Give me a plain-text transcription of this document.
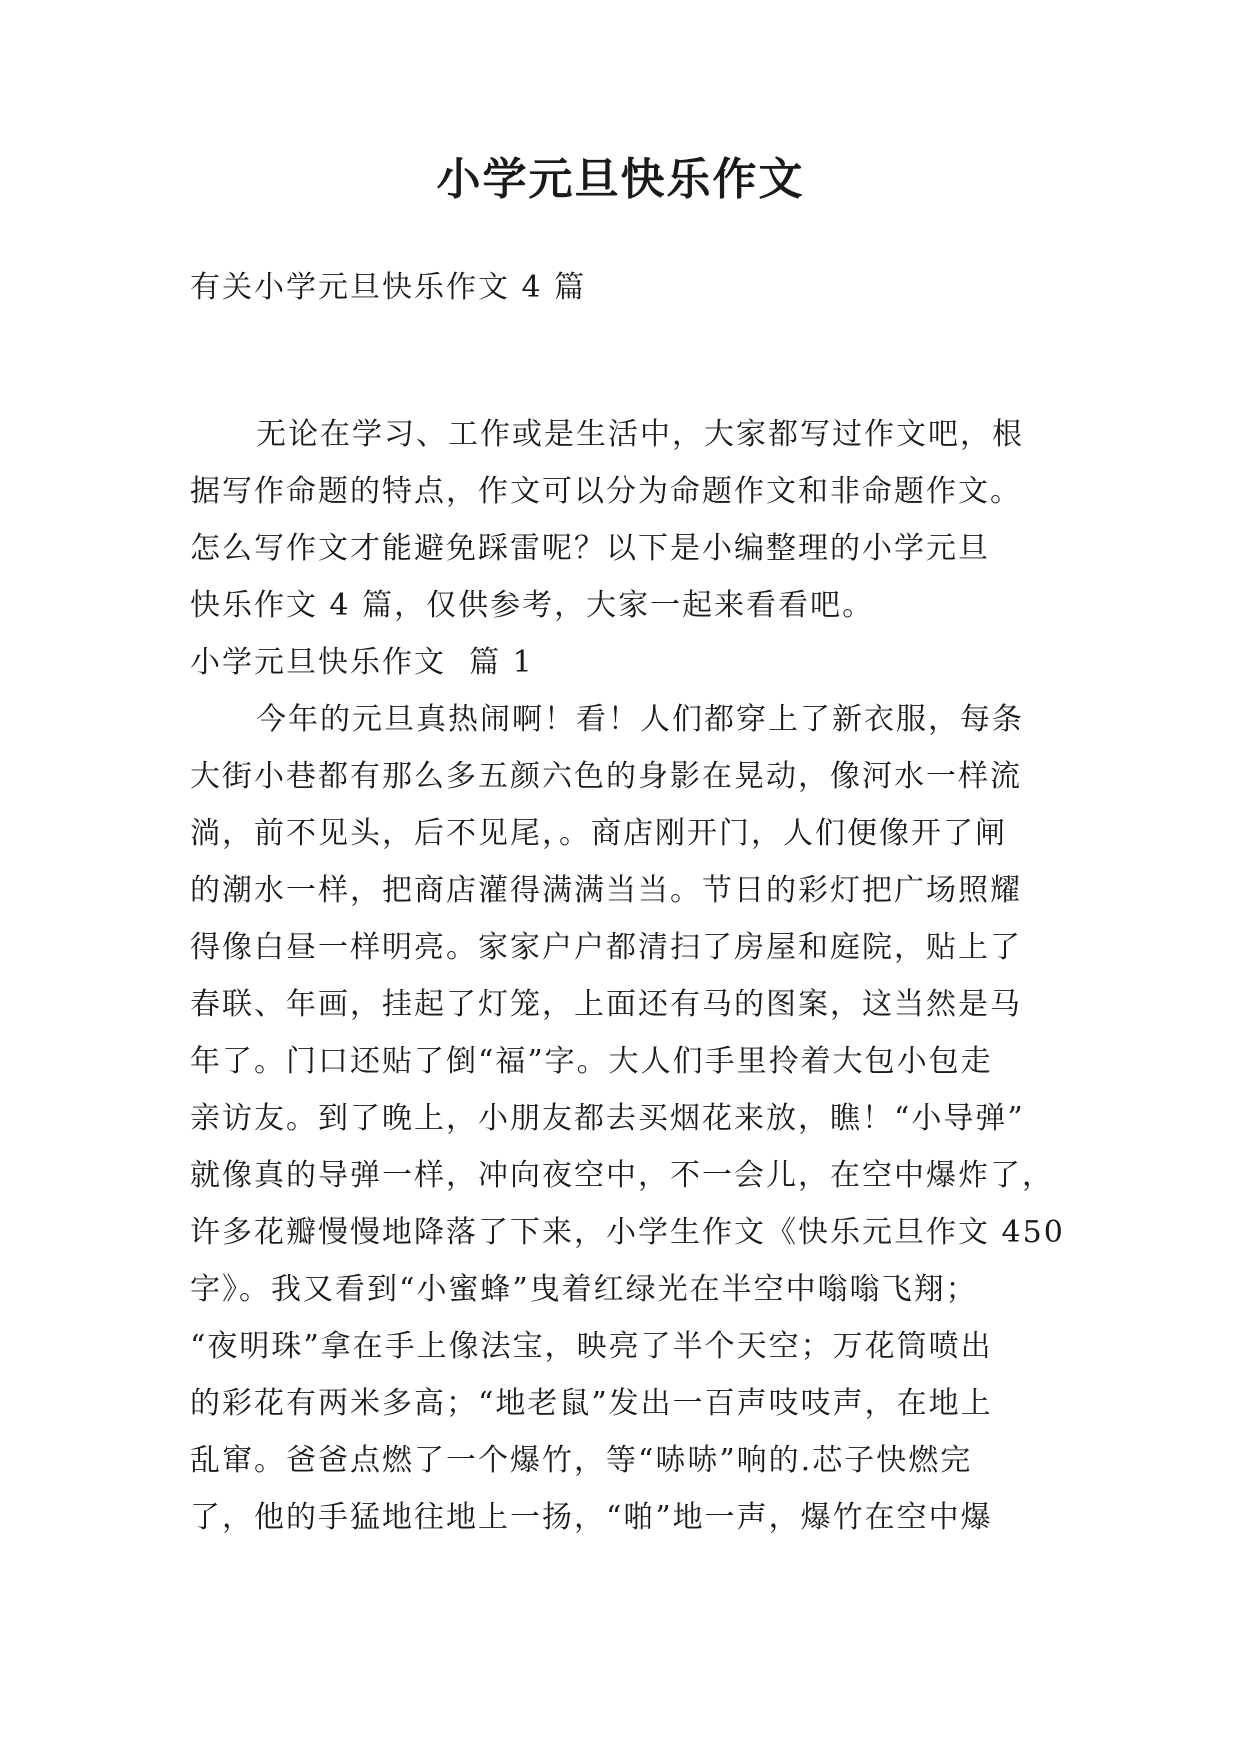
小学元旦快乐作文
有关小学元旦快乐作文 4 篇
无论在学习、工作或是生活中，大家都写过作文吧，根
据写作命题的特点，作文可以分为命题作文和非命题作文。
怎么写作文才能避免踩雷呢？以下是小编整理的小学元旦
快乐作文 4 篇，仅供参考，大家一起来看看吧。
小学元旦快乐作文  篇 1
今年的元旦真热闹啊！看！人们都穿上了新衣服，每条
大街小巷都有那么多五颜六色的身影在晃动，像河水一样流
淌，前不见头，后不见尾，。商店刚开门，人们便像开了闸
的潮水一样，把商店灌得满满当当。节日的彩灯把广场照耀
得像白昼一样明亮。家家户户都清扫了房屋和庭院，贴上了
春联、年画，挂起了灯笼，上面还有马的图案，这当然是马
年了。门口还贴了倒“福”字。大人们手里拎着大包小包走
亲访友。到了晚上，小朋友都去买烟花来放，瞧！“小导弹”
就像真的导弹一样，冲向夜空中，不一会儿，在空中爆炸了，
许多花瓣慢慢地降落了下来，小学生作文《快乐元旦作文 450
字》。我又看到“小蜜蜂”曳着红绿光在半空中嗡嗡飞翔；
“夜明珠”拿在手上像法宝，映亮了半个天空；万花筒喷出
的彩花有两米多高；“地老鼠”发出一百声吱吱声，在地上
乱窜。爸爸点燃了一个爆竹，等“哧哧”响的.芯子快燃完
了，他的手猛地往地上一扬，“啪”地一声，爆竹在空中爆
